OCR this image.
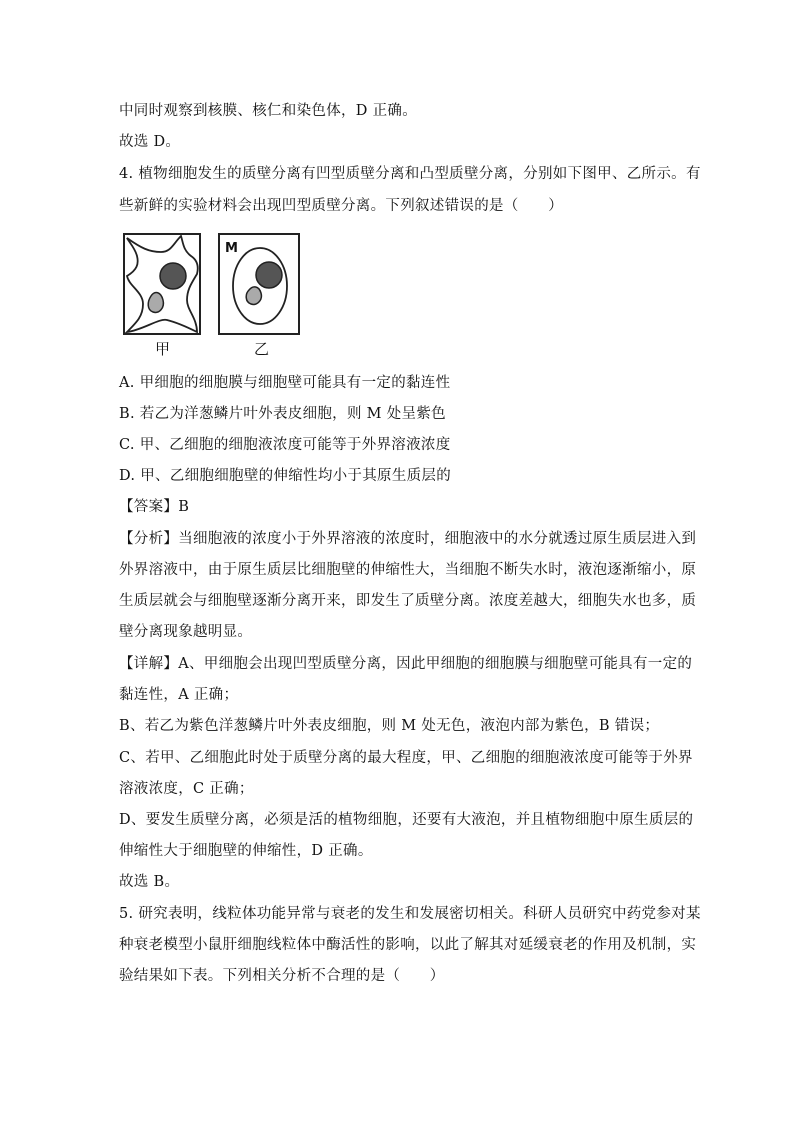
中同时观察到核膜、核仁和染色体，D 正确。
故选 D。
4. 植物细胞发生的质壁分离有凹型质壁分离和凸型质壁分离，分别如下图甲、乙所示。有
些新鲜的实验材料会出现凹型质壁分离。下列叙述错误的是（　　）
M
甲	乙
A. 甲细胞的细胞膜与细胞壁可能具有一定的黏连性
B. 若乙为洋葱鳞片叶外表皮细胞，则 M 处呈紫色
C. 甲、乙细胞的细胞液浓度可能等于外界溶液浓度
D. 甲、乙细胞细胞壁的伸缩性均小于其原生质层的
【答案】B
【分析】当细胞液的浓度小于外界溶液的浓度时，细胞液中的水分就透过原生质层进入到
外界溶液中，由于原生质层比细胞壁的伸缩性大，当细胞不断失水时，液泡逐渐缩小，原
生质层就会与细胞壁逐渐分离开来，即发生了质壁分离。浓度差越大，细胞失水也多，质
壁分离现象越明显。
【详解】A、甲细胞会出现凹型质壁分离，因此甲细胞的细胞膜与细胞壁可能具有一定的
黏连性，A 正确；
B、若乙为紫色洋葱鳞片叶外表皮细胞，则 M 处无色，液泡内部为紫色，B 错误；
C、若甲、乙细胞此时处于质壁分离的最大程度，甲、乙细胞的细胞液浓度可能等于外界
溶液浓度，C 正确；
D、要发生质壁分离，必须是活的植物细胞，还要有大液泡，并且植物细胞中原生质层的
伸缩性大于细胞壁的伸缩性，D 正确。
故选 B。
5. 研究表明，线粒体功能异常与衰老的发生和发展密切相关。科研人员研究中药党参对某
种衰老模型小鼠肝细胞线粒体中酶活性的影响，以此了解其对延缓衰老的作用及机制，实
验结果如下表。下列相关分析不合理的是（　　）
